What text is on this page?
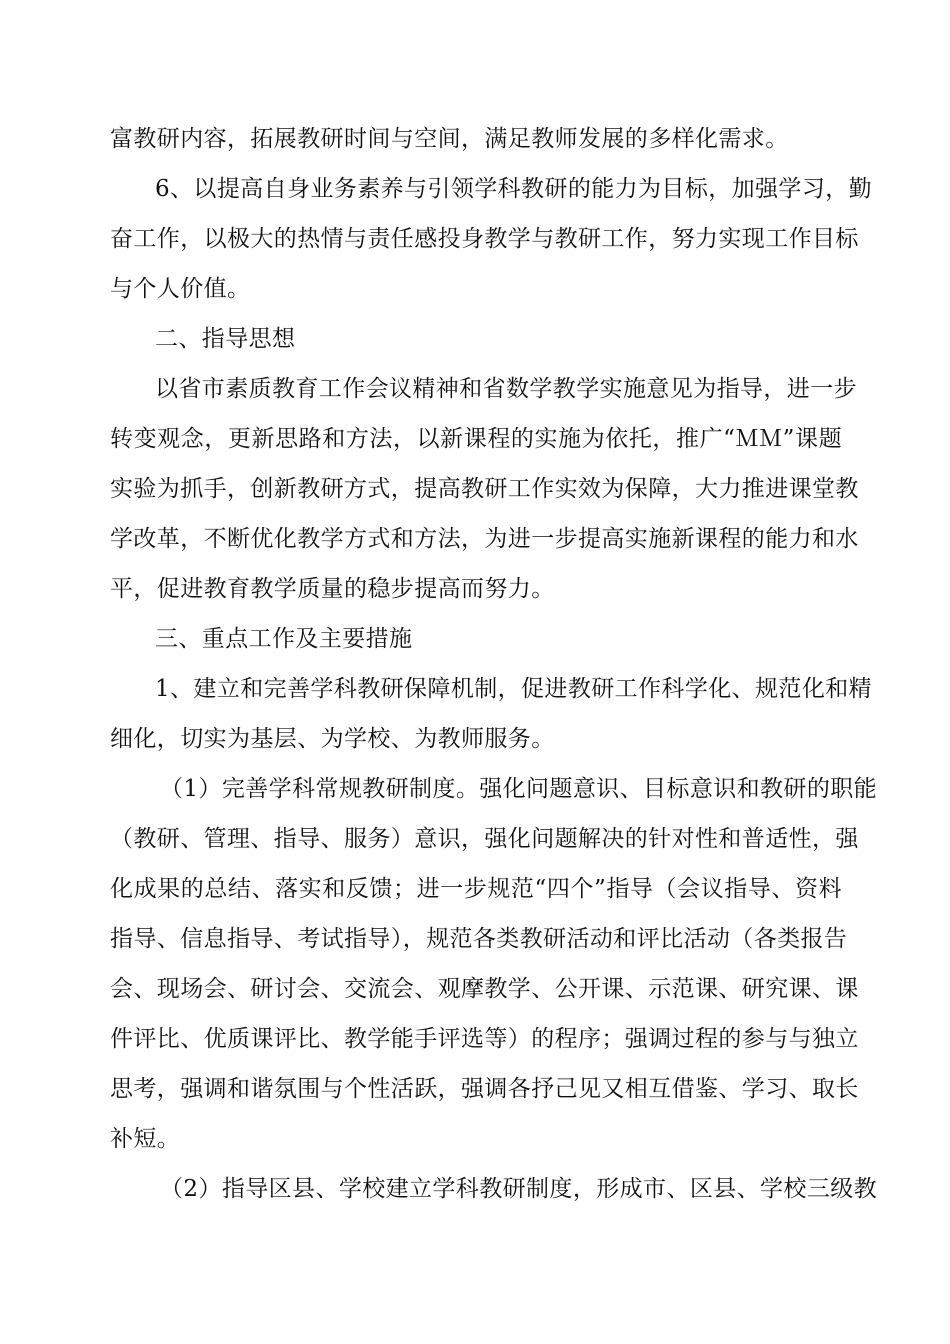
富教研内容，拓展教研时间与空间，满足教师发展的多样化需求。
6、以提高自身业务素养与引领学科教研的能力为目标，加强学习，勤
奋工作，以极大的热情与责任感投身教学与教研工作，努力实现工作目标
与个人价值。
二、指导思想
以省市素质教育工作会议精神和省数学教学实施意见为指导，进一步
转变观念，更新思路和方法，以新课程的实施为依托，推广“ＭＭ”课题
实验为抓手，创新教研方式，提高教研工作实效为保障，大力推进课堂教
学改革，不断优化教学方式和方法，为进一步提高实施新课程的能力和水
平，促进教育教学质量的稳步提高而努力。
三、重点工作及主要措施
1、建立和完善学科教研保障机制，促进教研工作科学化、规范化和精
细化，切实为基层、为学校、为教师服务。
（1）完善学科常规教研制度。强化问题意识、目标意识和教研的职能
（教研、管理、指导、服务）意识，强化问题解决的针对性和普适性，强
化成果的总结、落实和反馈；进一步规范“四个”指导（会议指导、资料
指导、信息指导、考试指导），规范各类教研活动和评比活动（各类报告
会、现场会、研讨会、交流会、观摩教学、公开课、示范课、研究课、课
件评比、优质课评比、教学能手评选等）的程序；强调过程的参与与独立
思考，强调和谐氛围与个性活跃，强调各抒己见又相互借鉴、学习、取长
补短。
（2）指导区县、学校建立学科教研制度，形成市、区县、学校三级教
